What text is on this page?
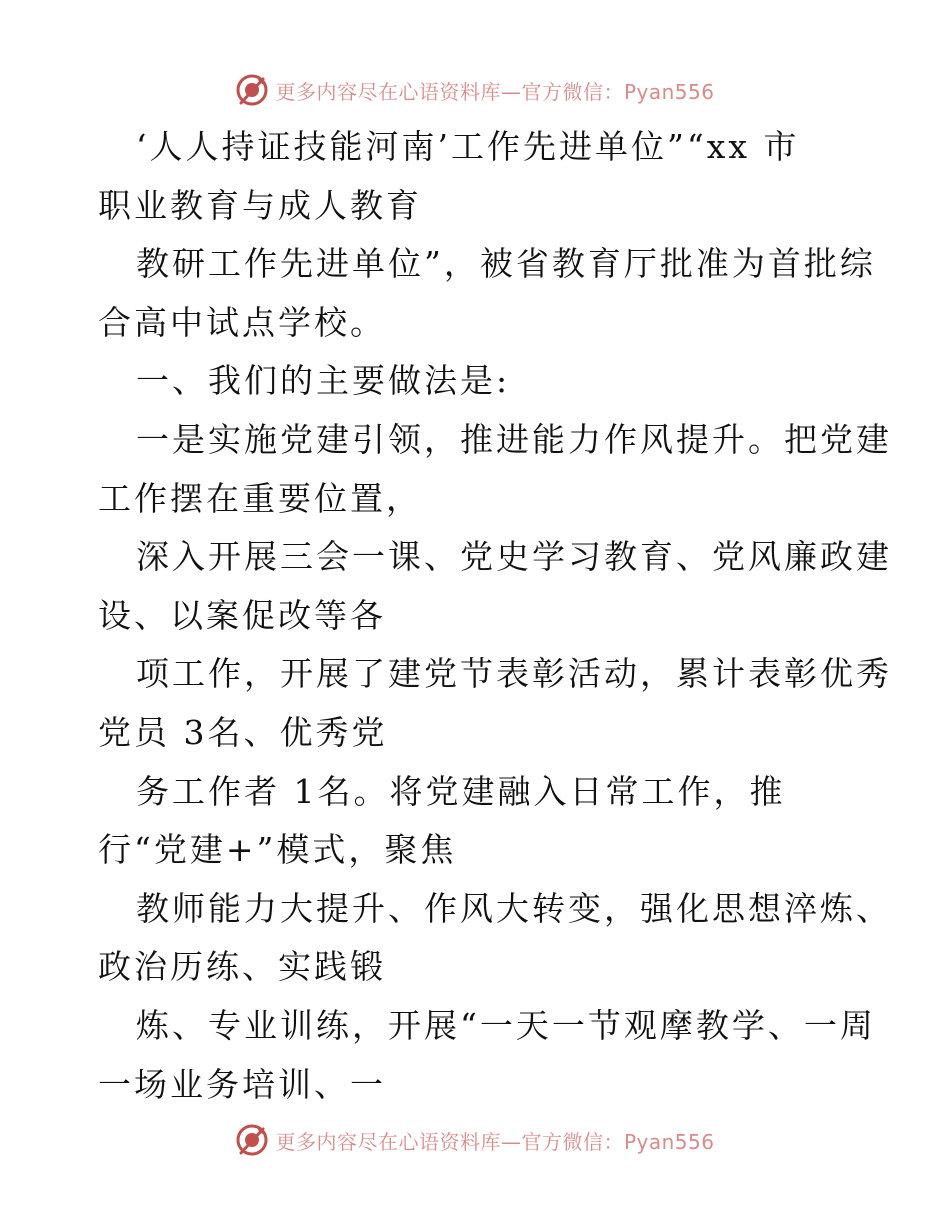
更多内容尽在心语资料库—官方微信：Pyan556
‘人人持证技能河南’工作先进单位”“xx 市
职业教育与成人教育
教研工作先进单位”，被省教育厅批准为首批综
合高中试点学校。
一、我们的主要做法是:
一是实施党建引领，推进能力作风提升。把党建
工作摆在重要位置，
深入开展三会一课、党史学习教育、党风廉政建
设、以案促改等各
项工作，开展了建党节表彰活动，累计表彰优秀
党员 3名、优秀党
务工作者 1名。将党建融入日常工作，推
行“党建+”模式，聚焦
教师能力大提升、作风大转变，强化思想淬炼、
政治历练、实践锻
炼、专业训练，开展“一天一节观摩教学、一周
一场业务培训、一
更多内容尽在心语资料库—官方微信：Pyan556
